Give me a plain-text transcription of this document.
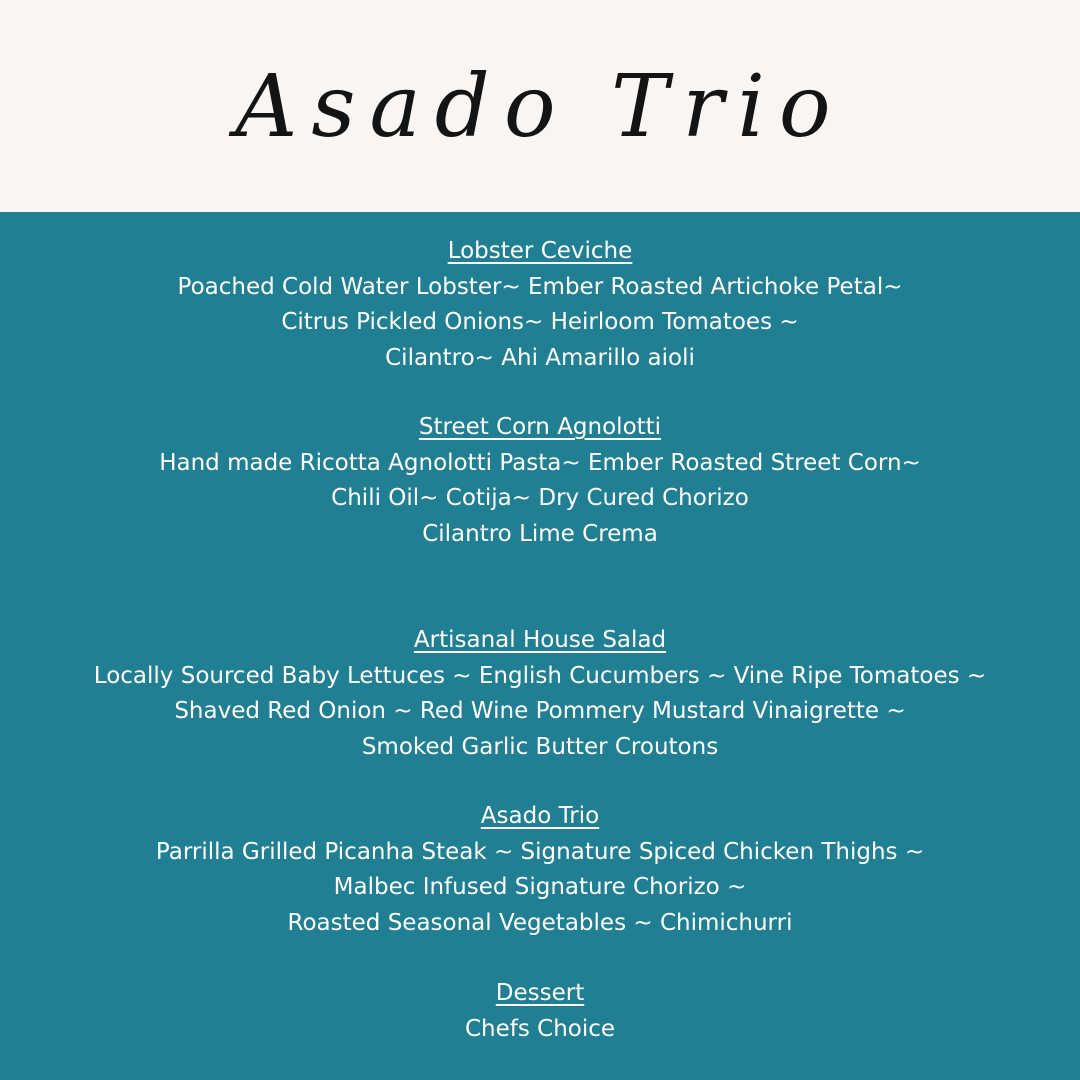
Asado Trio
Lobster Ceviche
Poached Cold Water Lobster~ Ember Roasted Artichoke Petal~
Citrus Pickled Onions~ Heirloom Tomatoes ~
Cilantro~ Ahi Amarillo aioli
Street Corn Agnolotti
Hand made Ricotta Agnolotti Pasta~ Ember Roasted Street Corn~
Chili Oil~ Cotija~ Dry Cured Chorizo
Cilantro Lime Crema
Artisanal House Salad
Locally Sourced Baby Lettuces ~ English Cucumbers ~ Vine Ripe Tomatoes ~
Shaved Red Onion ~ Red Wine Pommery Mustard Vinaigrette ~
Smoked Garlic Butter Croutons
Asado Trio
Parrilla Grilled Picanha Steak ~ Signature Spiced Chicken Thighs ~
Malbec Infused Signature Chorizo ~
Roasted Seasonal Vegetables ~ Chimichurri
Dessert
Chefs Choice
